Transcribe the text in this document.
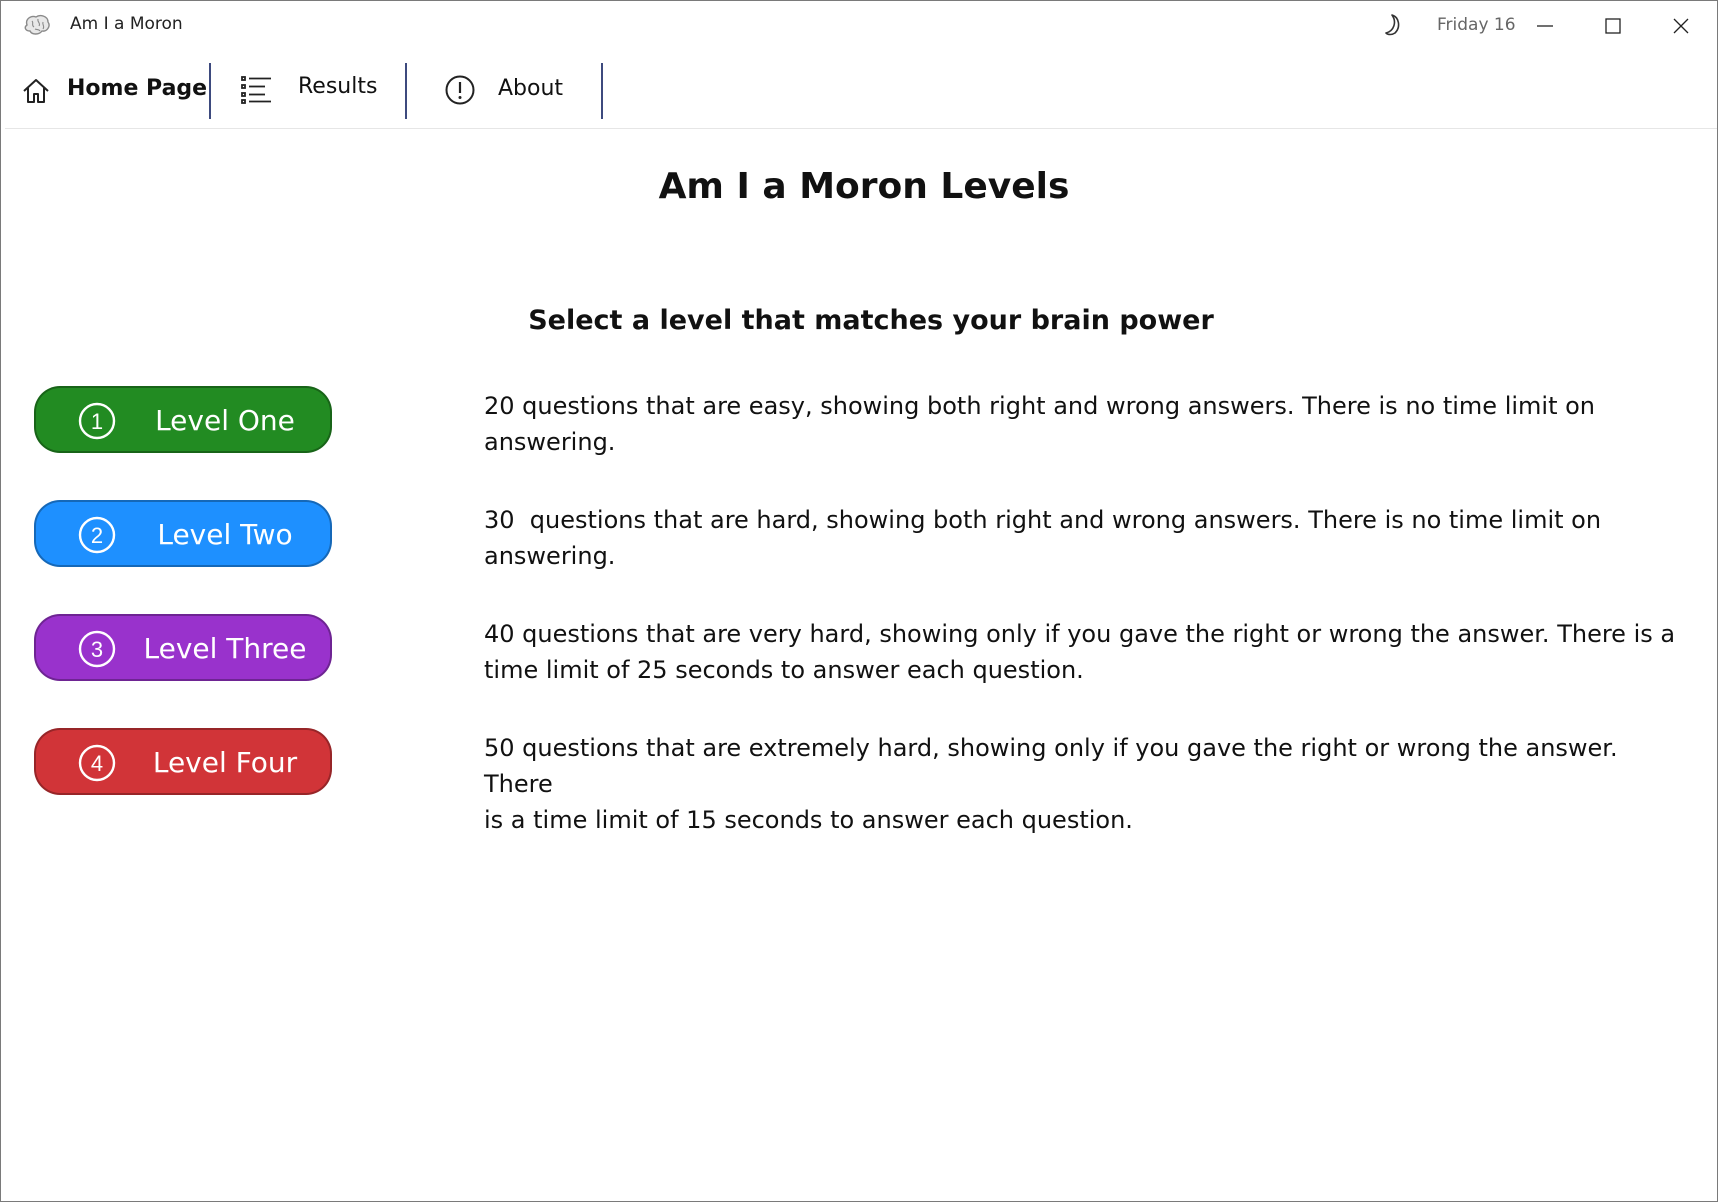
Am I a Moron	Friday 16
Home Page	Results	About
Am I a Moron Levels
Select a level that matches your brain power
1	Level One	20 questions that are easy, showing both right and wrong answers. There is no time limit on
answering.
2	Level Two	30  questions that are hard, showing both right and wrong answers. There is no time limit on
answering.
3	Level Three	40 questions that are very hard, showing only if you gave the right or wrong the answer. There is a
time limit of 25 seconds to answer each question.
4	Level Four	50 questions that are extremely hard, showing only if you gave the right or wrong the answer. There
is a time limit of 15 seconds to answer each question.
